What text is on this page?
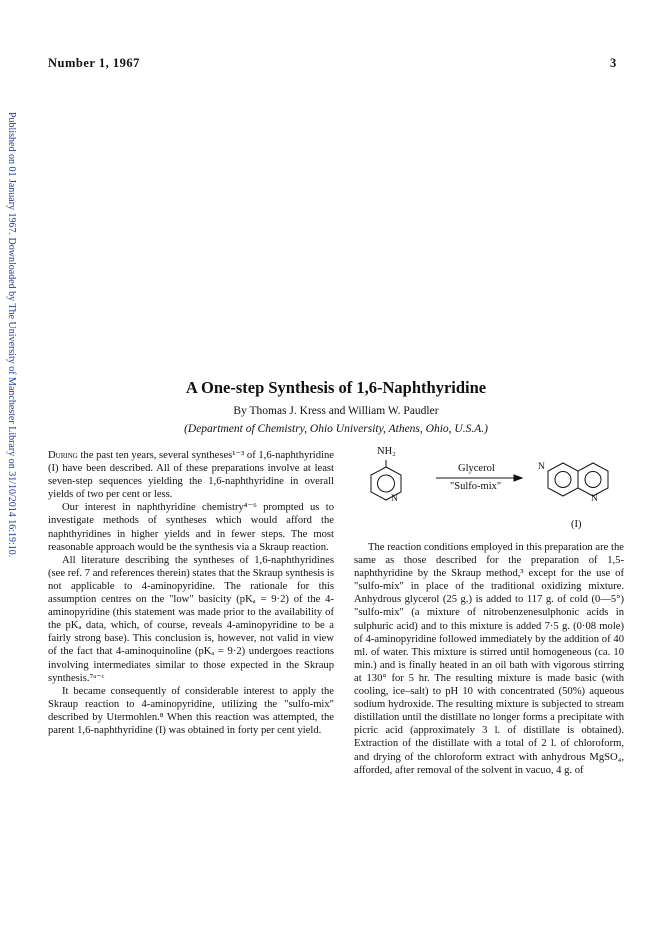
Number 1, 1967	3
Published on 01 January 1967. Downloaded by The University of Manchester Library on 31/10/2014 16:19:10.	A One-step Synthesis of 1,6-Naphthyridine
By Thomas J. Kress and William W. Paudler
(Department of Chemistry, Ohio University, Athens, Ohio, U.S.A.)

During the past ten years, several syntheses¹⁻³ of 1,6-naphthyridine (I) have been described. All of these preparations involve at least seven-step sequences yielding the 1,6-naphthyridine in overall yields of two per cent or less.

Our interest in naphthyridine chemistry⁴⁻⁶ prompted us to investigate methods of syntheses which would afford the naphthyridines in higher yields and in fewer steps. The most reasonable approach would be the synthesis via a Skraup reaction.

All literature describing the syntheses of 1,6-naphthyridines (see ref. 7 and references therein) states that the Skraup synthesis is not applicable to 4-aminopyridine. The rationale for this assumption centres on the "low" basicity (pKₐ = 9·2) of the 4-aminopyridine (this statement was made prior to the availability of the pKₐ data, which, of course, reveals 4-aminopyridine to be a fairly strong base). This conclusion is, however, not valid in view of the fact that 4-aminoquinoline (pKₐ = 9·2) undergoes reactions involving intermediates similar to those expected in the Skraup synthesis.⁷ᵃ⁻ᶜ

It became consequently of considerable interest to apply the Skraup reaction to 4-aminopyridine, utilizing the "sulfo-mix" described by Utermohlen.⁸ When this reaction was attempted, the parent 1,6-naphthyridine (I) was obtained in forty per cent yield.

NH₂
N
Glycerol
"Sulfo-mix"
N
N
(I)

The reaction conditions employed in this preparation are the same as those described for the preparation of 1,5-naphthyridine by the Skraup method,³ except for the use of "sulfo-mix" in place of the traditional oxidizing mixture. Anhydrous glycerol (25 g.) is added to 117 g. of cold (0—5°) "sulfo-mix" (a mixture of nitrobenzenesulphonic acids in sulphuric acid) and to this mixture is added 7·5 g. (0·08 mole) of 4-aminopyridine followed immediately by the addition of 40 ml. of water. This mixture is stirred until homogeneous (ca. 10 min.) and is finally heated in an oil bath with vigorous stirring at 130° for 5 hr. The resulting mixture is made basic (with cooling, ice–salt) to pH 10 with concentrated (50%) aqueous sodium hydroxide. The resulting mixture is subjected to stream distillation until the distillate no longer forms a precipitate with picric acid (approximately 3 l. of distillate is obtained). Extraction of the distillate with a total of 2 l. of chloroform, and drying of the chloroform extract with anhydrous MgSO₄, afforded, after removal of the solvent in vacuo, 4 g. of
